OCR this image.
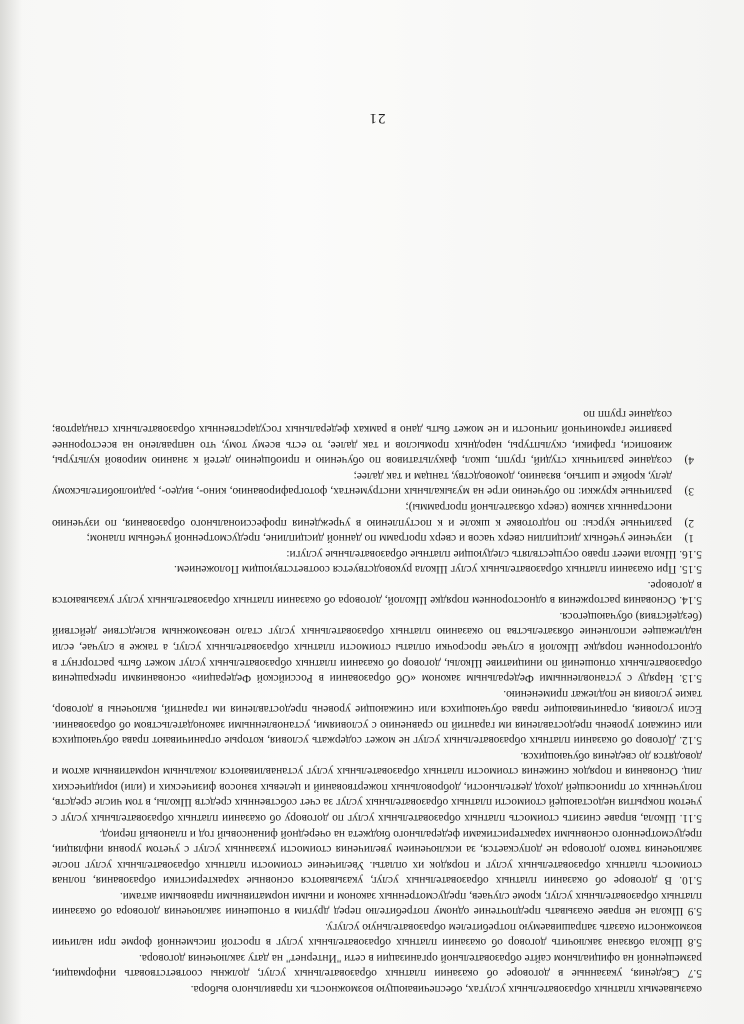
21

оказываемых платных образовательных услугах, обеспечивающую возможность их правильного выбора.

5.7 Сведения, указанные в договоре об оказании платных образовательных услуг, должны соответствовать информации, размещенной на официальном сайте образовательной организации в сети "Интернет" на дату заключения договора.

5.8 Школа обязана заключить договор об оказании платных образовательных услуг в простой письменной форме при наличии возможности оказать запрашиваемую потребителем образовательную услугу.

5.9 Школа не вправе оказывать предпочтение одному потребителю перед другим в отношении заключения договора об оказании платных образовательных услуг, кроме случаев, предусмотренных законом и иными нормативными правовыми актами.

5.10. В договоре об оказании платных образовательных услуг, указываются основные характеристики образования, полная стоимость платных образовательных услуг и порядок их оплаты. Увеличение стоимости платных образовательных услуг после заключения такого договора не допускается, за исключением увеличения стоимости указанных услуг с учетом уровня инфляции, предусмотренного основными характеристиками федерального бюджета на очередной финансовый год и плановый период.

5.11. Школа, вправе снизить стоимость платных образовательных услуг по договору об оказании платных образовательных услуг с учетом покрытия недостающей стоимости платных образовательных услуг за счет собственных средств Школы, в том числе средств, полученных от приносящей доход деятельности, добровольных пожертвований и целевых взносов физических и (или) юридических лиц. Основания и порядок снижения стоимости платных образовательных услуг устанавливаются локальным нормативным актом и доводятся до сведения обучающихся.

5.12. Договор об оказании платных образовательных услуг не может содержать условия, которые ограничивают права обучающихся или снижают уровень предоставления им гарантий по сравнению с условиями, установленными законодательством об образовании. Если условия, ограничивающие права обучающихся или снижающие уровень предоставления им гарантий, включены в договор, такие условия не подлежат применению.

5.13. Наряду с установленными Федеральным законом «Об образовании в Российской Федерации» основаниями прекращения образовательных отношений по инициативе Школы, договор об оказании платных образовательных услуг может быть расторгнут в одностороннем порядке Школой в случае просрочки оплаты стоимости платных образовательных услуг, а также в случае, если надлежащее исполнение обязательства по оказанию платных образовательных услуг стало невозможным вследствие действий (бездействия) обучающегося.

5.14. Основания расторжения в одностороннем порядке Школой, договора об оказании платных образовательных услуг указываются в договоре.

5.15. При оказании платных образовательных услуг Школа руководствуется соответствующим Положением.

5.16. Школа имеет право осуществлять следующие платные образовательные услуги:

1)
изучение учебных дисциплин сверх часов и сверх программ по данной дисциплине, предусмотренной учебным планом;
2)
различные курсы: по подготовке к школе и к поступлению в учреждения профессионального образования, по изучению иностранных языков (сверх обязательной программы);
3)
различные кружки: по обучению игре на музыкальных инструментах, фотографированию, кино-, видео-, радиолюбительскому делу, кройке и шитью, вязанию, домоводству, танцам и так далее;
4)
создание различных студий, групп, школ, факультативов по обучению и приобщению детей к знанию мировой культуры, живописи, графики, скульптуры, народных промыслов и так далее, то есть всему тому, что направлено на всестороннее развитие гармоничной личности и не может быть дано в рамках федеральных государственных образовательных стандартов; создание групп по
